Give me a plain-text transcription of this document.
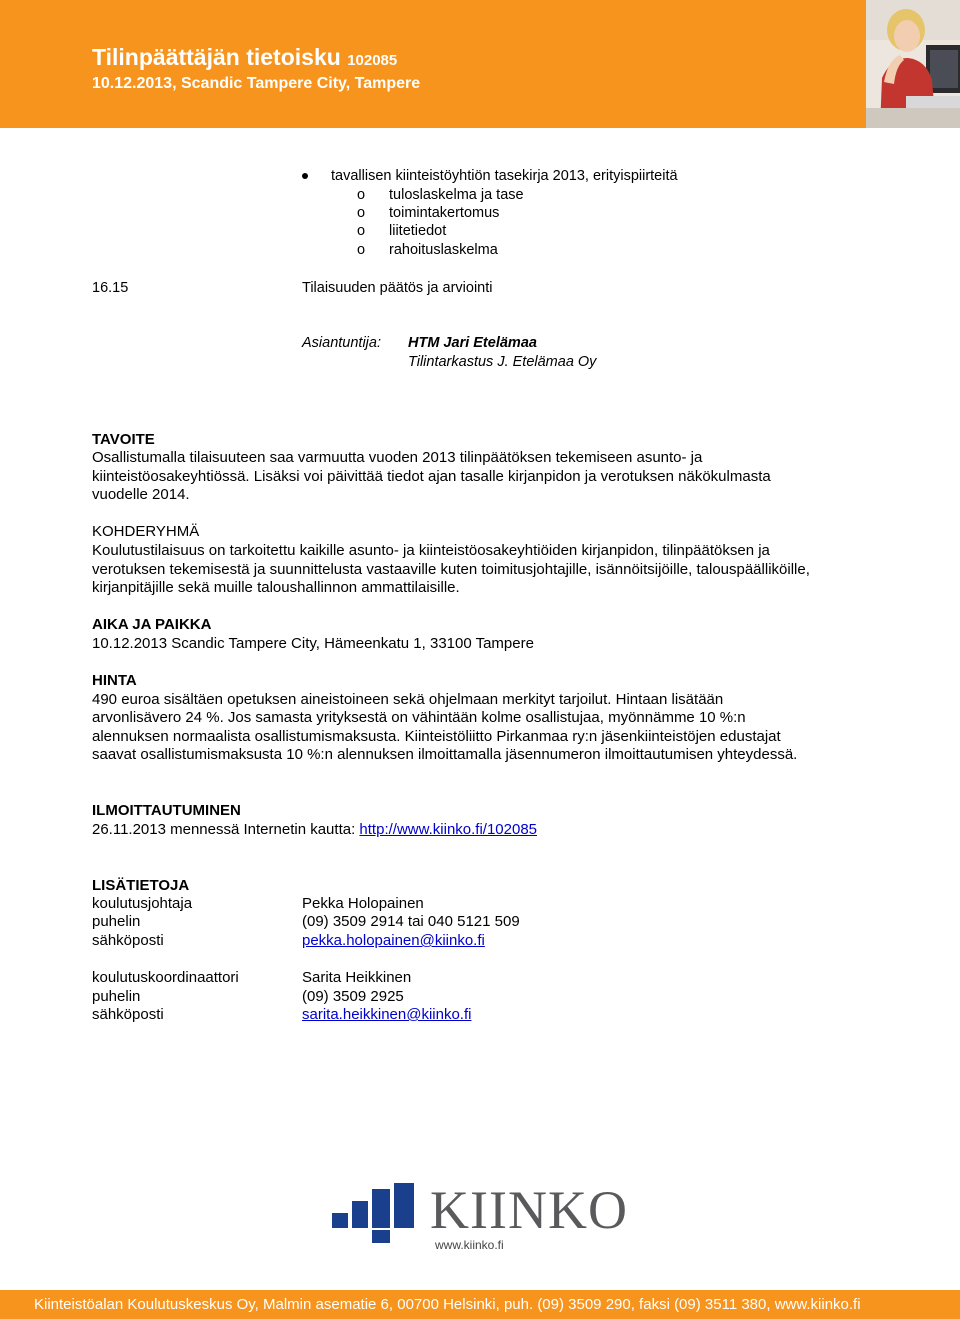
Tilinpäättäjän tietoisku 102085
10.12.2013, Scandic Tampere City, Tampere
tavallisen kiinteistöyhtiön tasekirja 2013, erityispiirteitä
o tuloslaskelma ja tase
o toimintakertomus
o liitetiedot
o rahoituslaskelma
16.15	Tilaisuuden päätös ja arviointi
Asiantuntija: HTM Jari Etelämaa
Tilintarkastus J. Etelämaa Oy
TAVOITE
Osallistumalla tilaisuuteen saa varmuutta vuoden 2013 tilinpäätöksen tekemiseen asunto- ja
kiinteistöosakeyhtiössä. Lisäksi voi päivittää tiedot ajan tasalle kirjanpidon ja verotuksen näkökulmasta
vuodelle 2014.
KOHDERYHMÄ
Koulutustilaisuus on tarkoitettu kaikille asunto- ja kiinteistöosakeyhtiöiden kirjanpidon, tilinpäätöksen ja
verotuksen tekemisestä ja suunnittelusta vastaaville kuten toimitusjohtajille, isännöitsijöille, talouspäälliköille,
kirjanpitäjille sekä muille taloushallinnon ammattilaisille.
AIKA JA PAIKKA
10.12.2013 Scandic Tampere City, Hämeenkatu 1, 33100 Tampere
HINTA
490 euroa sisältäen opetuksen aineistoineen sekä ohjelmaan merkityt tarjoilut. Hintaan lisätään
arvonlisävero 24 %. Jos samasta yrityksestä on vähintään kolme osallistujaa, myönnämme 10 %:n
alennuksen normaalista osallistumismaksusta. Kiinteistöliitto Pirkanmaa ry:n jäsenkiinteistöjen edustajat
saavat osallistumismaksusta 10 %:n alennuksen ilmoittamalla jäsennumeron ilmoittautumisen yhteydessä.
ILMOITTAUTUMINEN
26.11.2013 mennessä Internetin kautta: http://www.kiinko.fi/102085
LISÄTIETOJA
koulutusjohtaja	Pekka Holopainen
puhelin	(09) 3509 2914 tai 040 5121 509
sähköposti	pekka.holopainen@kiinko.fi
koulutuskoordinaattori	Sarita Heikkinen
puhelin	(09) 3509 2925
sähköposti	sarita.heikkinen@kiinko.fi
KIINKO
www.kiinko.fi
Kiinteistöalan Koulutuskeskus Oy, Malmin asematie 6, 00700 Helsinki, puh. (09) 3509 290, faksi (09) 3511 380, www.kiinko.fi
